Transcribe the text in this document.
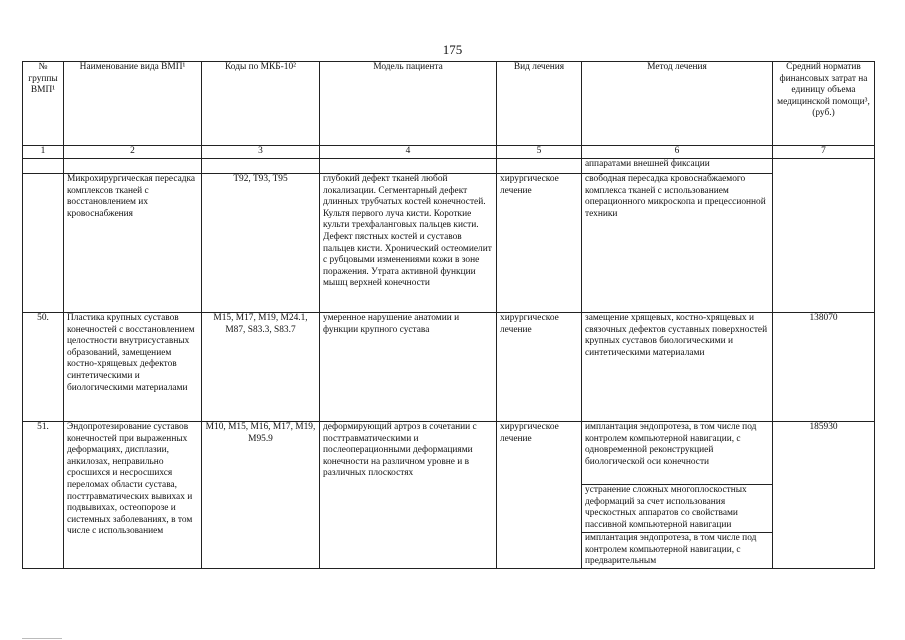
175
№ группы ВМП¹	Наименование вида ВМП¹	Коды по МКБ-10²	Модель пациента	Вид лечения	Метод лечения	Средний норматив финансовых затрат на единицу объема медицинской помощи³, (руб.)
1	2	3	4	5	6	7
					аппаратами внешней фиксации	
	Микрохирургическая пересадка комплексов тканей с восстановлением их кровоснабжения	T92, T93, T95	глубокий дефект тканей любой локализации. Сегментарный дефект длинных трубчатых костей конечностей. Культя первого луча кисти. Короткие культи трехфаланговых пальцев кисти. Дефект пястных костей и суставов пальцев кисти. Хронический остеомиелит с рубцовыми изменениями кожи в зоне поражения. Утрата активной функции мышц верхней конечности	хирургическое лечение	свободная пересадка кровоснабжаемого комплекса тканей с использованием операционного микроскопа и прецессионной техники	
50.	Пластика крупных суставов конечностей с восстановлением целостности внутрисуставных образований, замещением костно-хрящевых дефектов синтетическими и биологическими материалами	M15, M17, M19, M24.1, M87, S83.3, S83.7	умеренное нарушение анатомии и функции крупного сустава	хирургическое лечение	замещение хрящевых, костно-хрящевых и связочных дефектов суставных поверхностей крупных суставов биологическими и синтетическими материалами	138070
51.	Эндопротезирование суставов конечностей при выраженных деформациях, дисплазии, анкилозах, неправильно сросшихся и несросшихся переломах области сустава, посттравматических вывихах и подвывихах, остеопорозе и системных заболеваниях, в том числе с использованием	M10, M15, M16, M17, M19, M95.9	деформирующий артроз в сочетании с посттравматическими и послеоперационными деформациями конечности на различном уровне и в различных плоскостях	хирургическое лечение	имплантация эндопротеза, в том числе под контролем компьютерной навигации, с одновременной реконструкцией биологической оси конечности	185930
					устранение сложных многоплоскостных деформаций за счет использования чрескостных аппаратов со свойствами пассивной компьютерной навигации	
					имплантация эндопротеза, в том числе под контролем компьютерной навигации, с предварительным	
